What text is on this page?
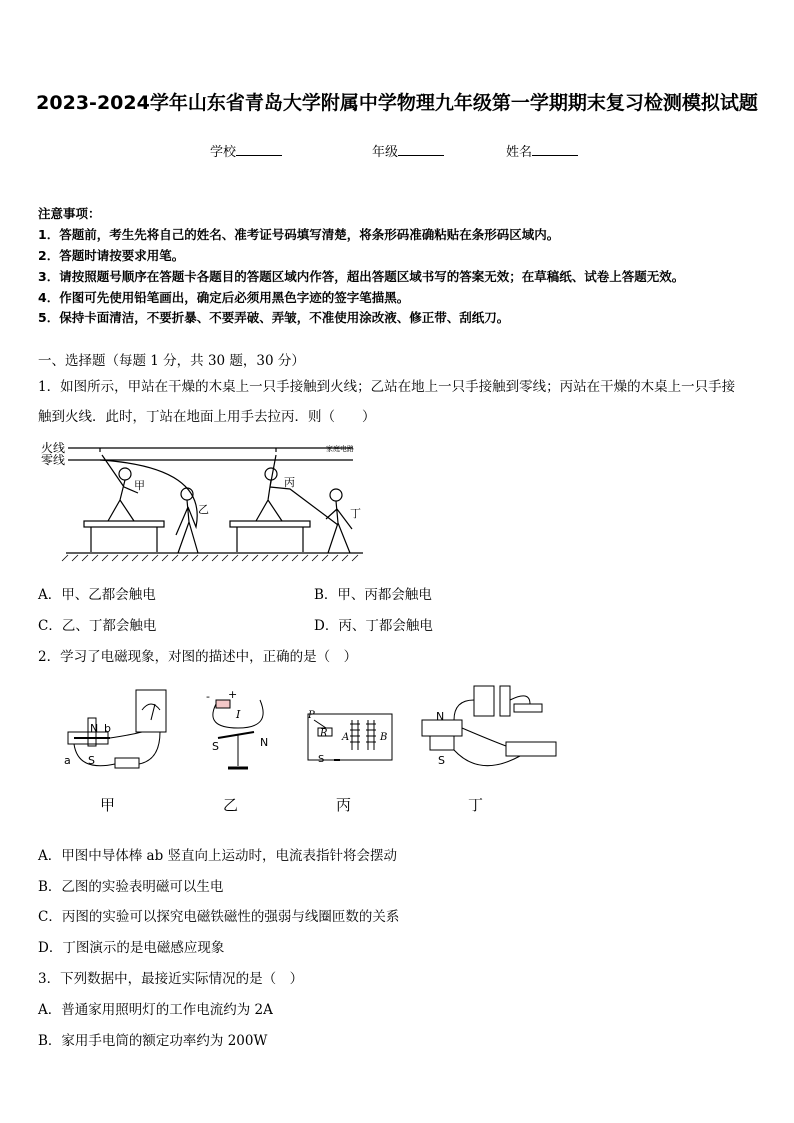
2023-2024学年山东省青岛大学附属中学物理九年级第一学期期末复习检测模拟试题
学校	年级	姓名
注意事项：
1．答题前，考生先将自己的姓名、准考证号码填写清楚，将条形码准确粘贴在条形码区域内。
2．答题时请按要求用笔。
3．请按照题号顺序在答题卡各题目的答题区域内作答，超出答题区域书写的答案无效；在草稿纸、试卷上答题无效。
4．作图可先使用铅笔画出，确定后必须用黑色字迹的签字笔描黑。
5．保持卡面清洁，不要折暴、不要弄破、弄皱，不准使用涂改液、修正带、刮纸刀。
一、选择题（每题 1 分，共 30 题，30 分）
1．如图所示，甲站在干燥的木桌上一只手接触到火线；乙站在地上一只手接触到零线；丙站在干燥的木桌上一只手接
触到火线．此时，丁站在地面上用手去拉丙．则（　　）
火线
零线
家庭电路
甲
乙
丙
丁
A．甲、乙都会触电	B．甲、丙都会触电
C．乙、丁都会触电	D．丙、丁都会触电
2．学习了电磁现象，对图的描述中，正确的是（　）
N b
a S
- +
I
S	N
P
R A	B
S
N
S
甲	乙	丙	丁
A．甲图中导体棒 ab 竖直向上运动时，电流表指针将会摆动
B．乙图的实验表明磁可以生电
C．丙图的实验可以探究电磁铁磁性的强弱与线圈匝数的关系
D．丁图演示的是电磁感应现象
3．下列数据中，最接近实际情况的是（　）
A．普通家用照明灯的工作电流约为 2A
B．家用手电筒的额定功率约为 200W
